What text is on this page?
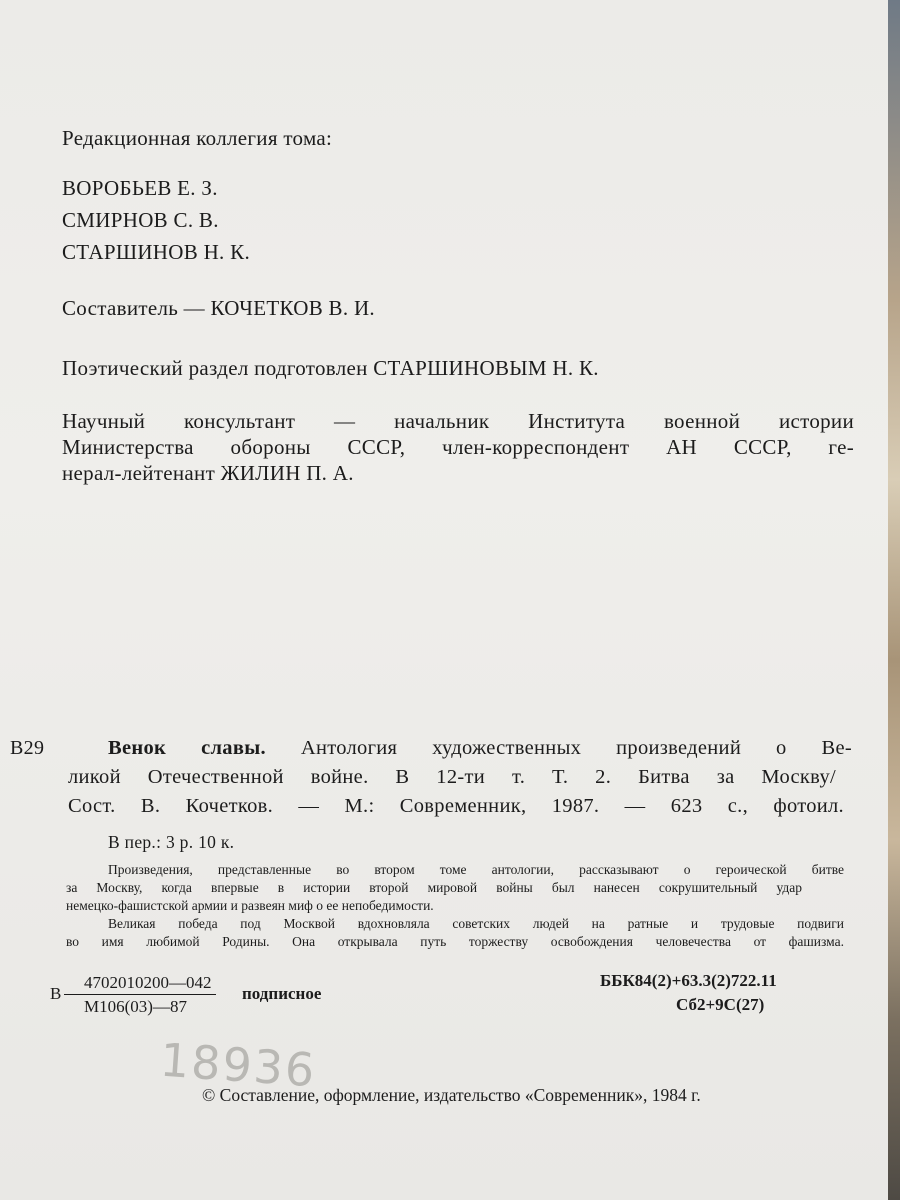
Редакционная коллегия тома:
ВОРОБЬЕВ Е. З.
СМИРНОВ С. В.
СТАРШИНОВ Н. К.
Составитель — КОЧЕТКОВ В. И.
Поэтический раздел подготовлен СТАРШИНОВЫМ Н. К.
Научный консультант — начальник Института военной истории
Министерства обороны СССР, член-корреспондент АН СССР, ге-
нерал-лейтенант ЖИЛИН П. А.
В29	Венок славы. Антология художественных произведений о Ве-
ликой Отечественной войне. В 12-ти т. Т. 2. Битва за Москву/
Сост. В. Кочетков. — М.: Современник, 1987. — 623 с., фотоил.
В пер.: 3 р. 10 к.
Произведения, представленные во втором томе антологии, рассказывают о героической битве
за Москву, когда впервые в истории второй мировой войны был нанесен сокрушительный удар
немецко-фашистской армии и развеян миф о ее непобедимости.
Великая победа под Москвой вдохновляла советских людей на ратные и трудовые подвиги
во имя любимой Родины. Она открывала путь торжеству освобождения человечества от фашизма.
В
4702010200—042
М106(03)—87
подписное
ББК84(2)+63.3(2)722.11
Сб2+9С(27)
18936
© Составление, оформление, издательство «Современник», 1984 г.
